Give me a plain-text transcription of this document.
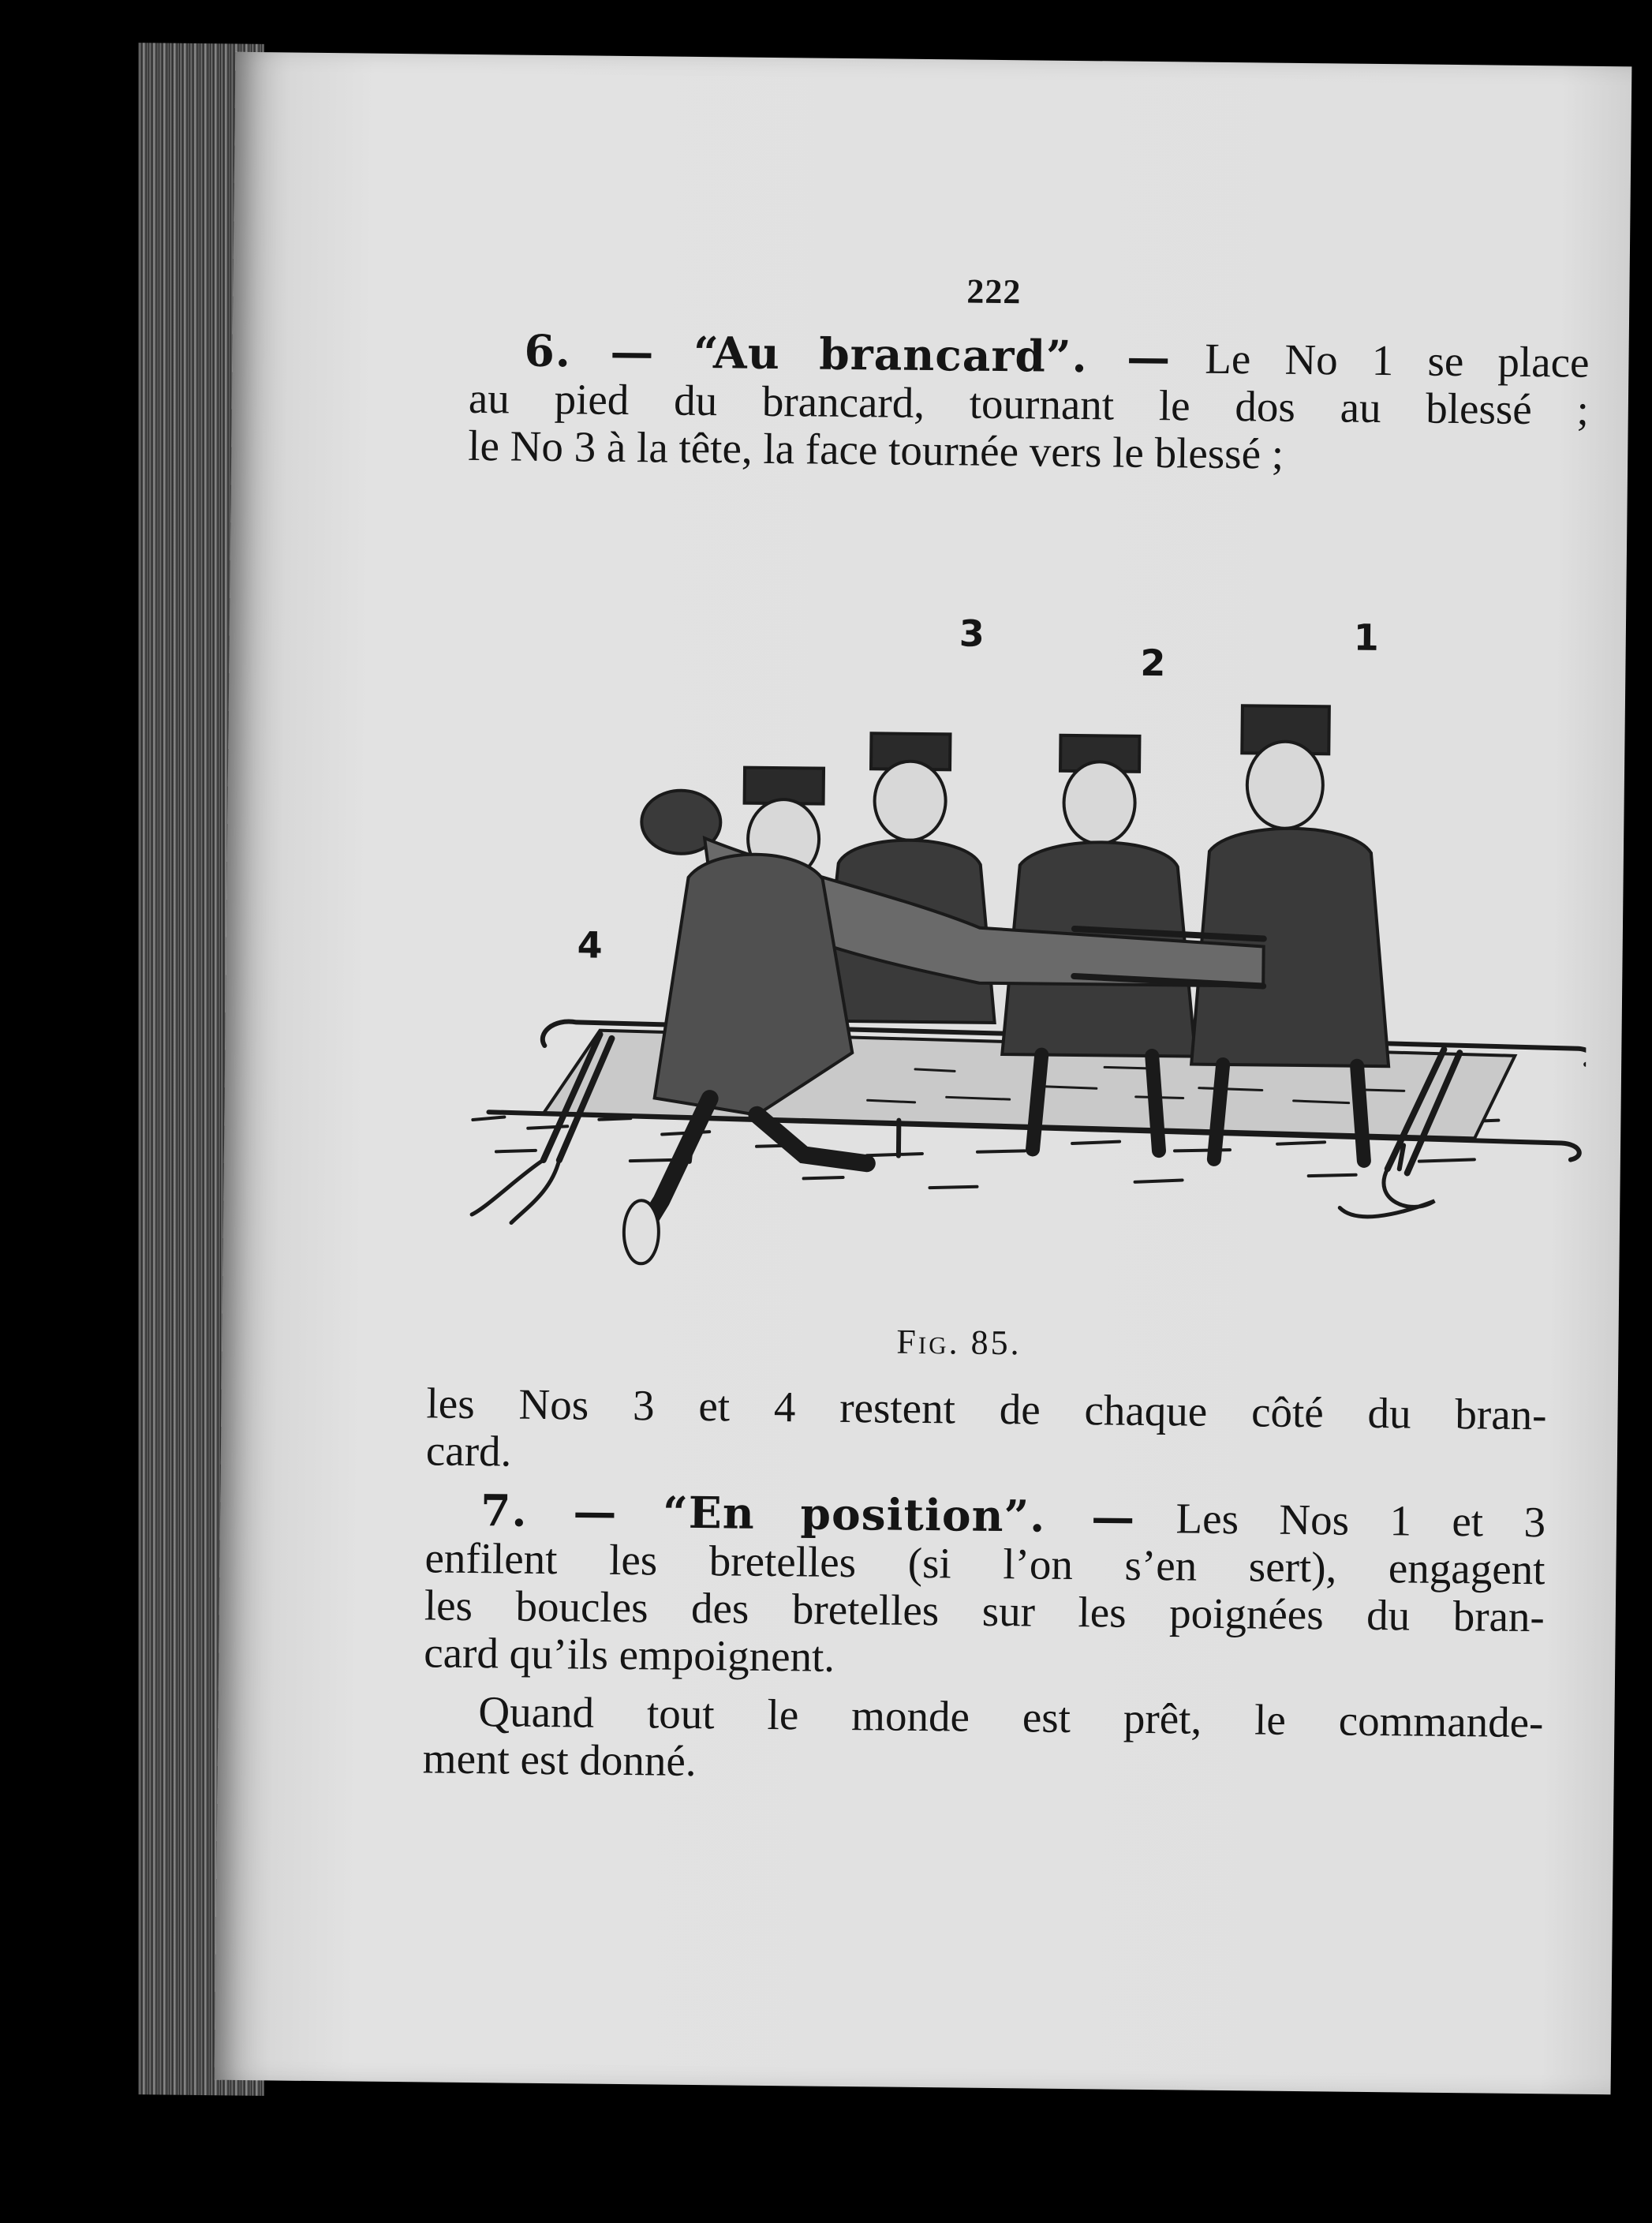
222
6. — “Au brancard”. — Le No 1 se place
au pied du brancard, tournant le dos au blessé ;
le No 3 à la tête, la face tournée vers le blessé ;
3
2
1
4
Fig. 85.
les Nos 3 et 4 restent de chaque côté du bran-
card.
7. — “En position”. — Les Nos 1 et 3
enfilent les bretelles (si l’on s’en sert), engagent
les boucles des bretelles sur les poignées du bran-
card qu’ils empoignent.
Quand tout le monde est prêt, le commande-
ment est donné.
